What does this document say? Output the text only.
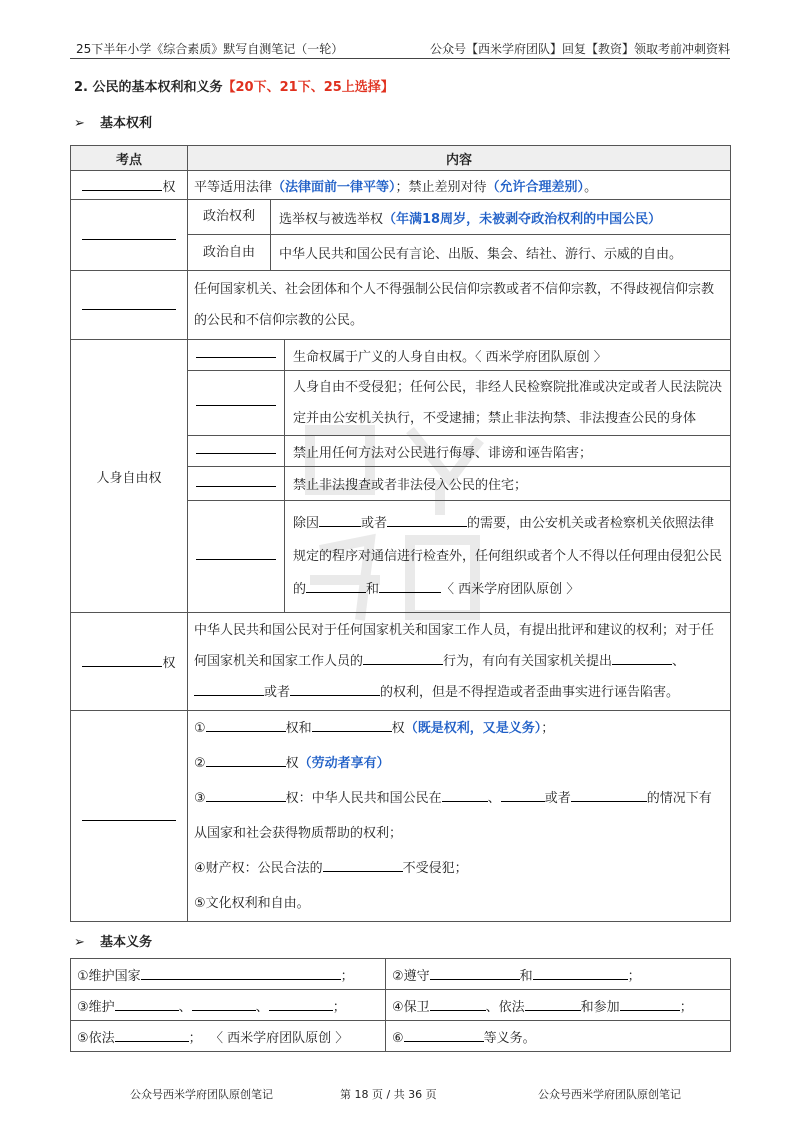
25下半年小学《综合素质》默写自测笔记（一轮）	公众号【西米学府团队】回复【教资】领取考前冲刺资料
2. 公民的基本权利和义务【20下、21下、25上选择】
➢ 基本权利
考点	内容
权	平等适用法律（法律面前一律平等）；禁止差别对待（允许合理差别）。

	政治权利 选举权与被选举权（年满18周岁，未被剥夺政治权利的中国公民）
政治自由 中华人民共和国公民有言论、出版、集会、结社、游行、示威的自由。

	任何国家机关、社会团体和个人不得强制公民信仰宗教或者不信仰宗教，不得歧视信仰宗教的公民和不信仰宗教的公民。
人身自由权	生命权属于广义的人身自由权。〈 西米学府团队原创 〉
人身自由不受侵犯；任何公民，非经人民检察院批准或决定或者人民法院决定并由公安机关执行，不受逮捕；禁止非法拘禁、非法搜查公民的身体
禁止用任何方法对公民进行侮辱、诽谤和诬告陷害；
禁止非法搜查或者非法侵入公民的住宅；
除因 或者 的需要，由公安机关或者检察机关依照法律规定的程序对通信进行检查外，任何组织或者个人不得以任何理由侵犯公民的 和 〈 西米学府团队原创 〉

权	中华人民共和国公民对于任何国家机关和国家工作人员，有提出批评和建议的权利；对于任何国家机关和国家工作人员的 行为，有向有关国家机关提出 、或者 的权利，但是不得捏造或者歪曲事实进行诬告陷害。

	① 权和 权（既是权利，又是义务）；
② 权（劳动者享有）
③ 权：中华人民共和国公民在 、 或者 的情况下有从国家和社会获得物质帮助的权利；
④财产权：公民合法的 不受侵犯；
⑤文化权利和自由。
➢ 基本义务
①维护国家 ；	②遵守 和 ；
③维护 、 、 ；	④保卫 、依法 和参加 ；
⑤依法 ； 〈 西米学府团队原创 〉	⑥ 等义务。
公众号西米学府团队原创笔记	第 18 页 / 共 36 页	公众号西米学府团队原创笔记
